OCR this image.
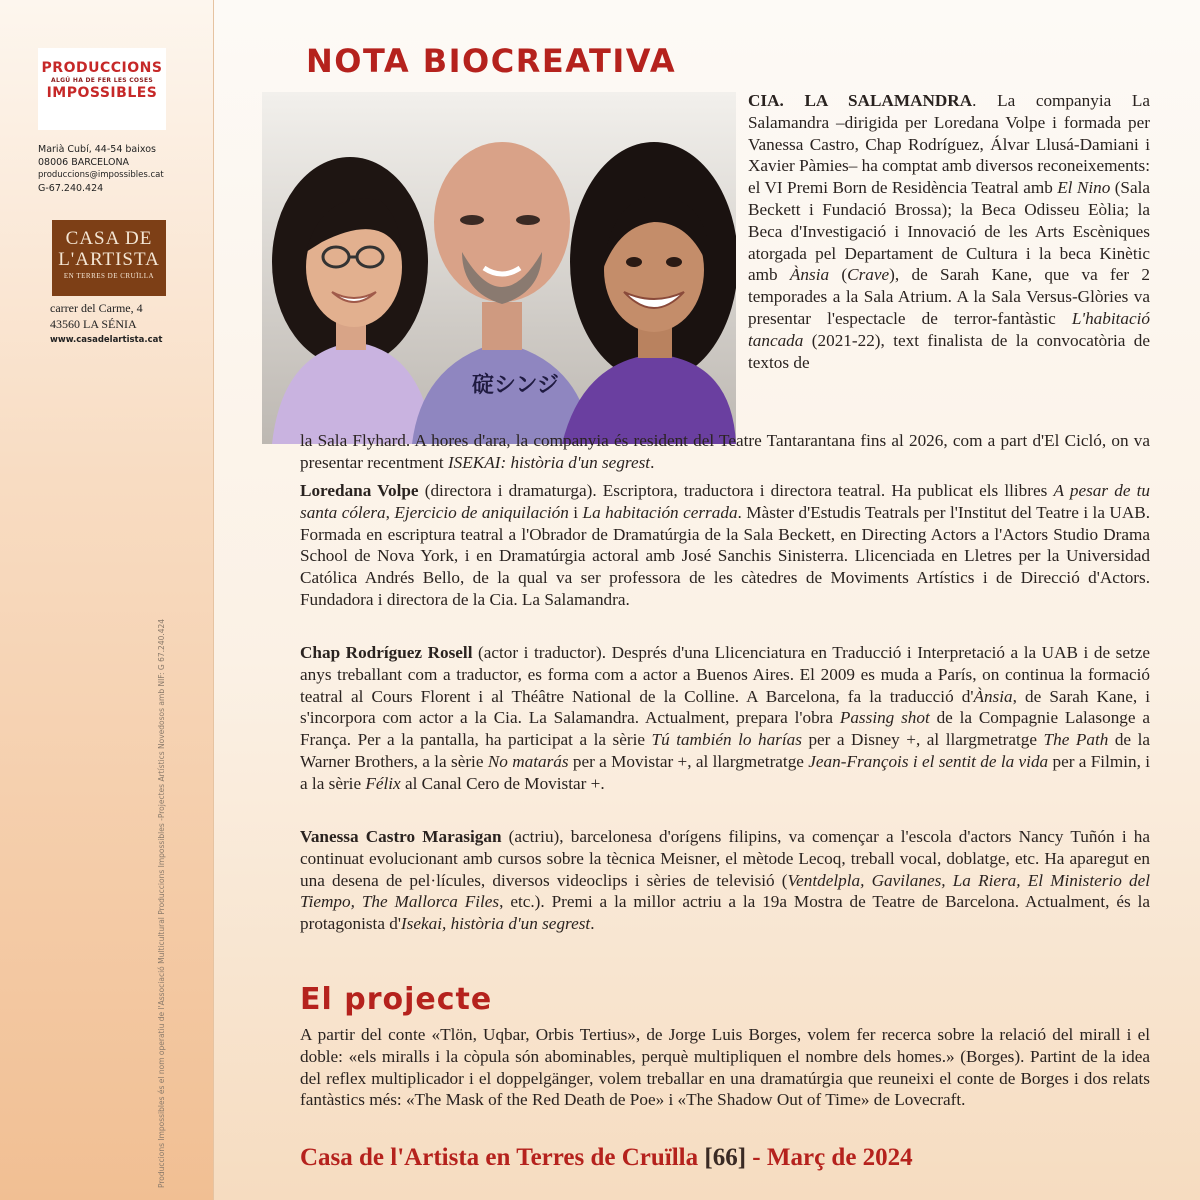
PRODUCCIONS
ALGÚ HA DE FER LES COSES
IMPOSSIBLES
Marià Cubí, 44-54 baixos
08006 BARCELONA
produccions@impossibles.cat
G-67.240.424
CASA DE
L'ARTISTA
EN TERRES DE CRUÏLLA
carrer del Carme, 4
43560 LA SÉNIA
www.casadelartista.cat
Produccions Impossibles és el nom operatiu de l'Associació Multicultural Produccions Impossibles -Projectes Artístics Novedosos amb NIF: G 67.240.424
NOTA BIOCREATIVA
碇シンジ
CIA. LA SALAMANDRA. La companyia La Salamandra –dirigida per Loredana Volpe i formada per Vanessa Castro, Chap Rodríguez, Álvar Llusá-Damiani i Xavier Pàmies– ha comptat amb diversos reconeixements: el VI Premi Born de Residència Teatral amb El Nino (Sala Beckett i Fundació Brossa); la Beca Odisseu Eòlia; la Beca d'Investigació i Innovació de les Arts Escèniques atorgada pel Departament de Cultura i la beca Kinètic amb Ànsia (Crave), de Sarah Kane, que va fer 2 temporades a la Sala Atrium. A la Sala Versus-Glòries va presentar l'espectacle de terror-fantàstic L'habitació tancada (2021-22), text finalista de la convocatòria de textos de
la Sala Flyhard. A hores d'ara, la companyia és resident del Teatre Tantarantana fins al 2026, com a part d'El Cicló, on va presentar recentment ISEKAI: història d'un segrest.
Loredana Volpe (directora i dramaturga). Escriptora, traductora i directora teatral. Ha publicat els llibres A pesar de tu santa cólera, Ejercicio de aniquilación i La habitación cerrada. Màster d'Estudis Teatrals per l'Institut del Teatre i la UAB. Formada en escriptura teatral a l'Obrador de Dramatúrgia de la Sala Beckett, en Directing Actors a l'Actors Studio Drama School de Nova York, i en Dramatúrgia actoral amb José Sanchis Sinisterra. Llicenciada en Lletres per la Universidad Católica Andrés Bello, de la qual va ser professora de les càtedres de Moviments Artístics i de Direcció d'Actors. Fundadora i directora de la Cia. La Salamandra.
Chap Rodríguez Rosell (actor i traductor). Després d'una Llicenciatura en Traducció i Interpretació a la UAB i de setze anys treballant com a traductor, es forma com a actor a Buenos Aires. El 2009 es muda a París, on continua la formació teatral al Cours Florent i al Théâtre National de la Colline. A Barcelona, fa la traducció d'Ànsia, de Sarah Kane, i s'incorpora com actor a la Cia. La Salamandra. Actualment, prepara l'obra Passing shot de la Compagnie Lalasonge a França. Per a la pantalla, ha participat a la sèrie Tú también lo harías per a Disney +, al llargmetratge The Path de la Warner Brothers, a la sèrie No matarás per a Movistar +, al llargmetratge Jean-François i el sentit de la vida per a Filmin, i a la sèrie Félix al Canal Cero de Movistar +.
Vanessa Castro Marasigan (actriu), barcelonesa d'orígens filipins, va començar a l'escola d'actors Nancy Tuñón i ha continuat evolucionant amb cursos sobre la tècnica Meisner, el mètode Lecoq, treball vocal, doblatge, etc. Ha aparegut en una desena de pel·lícules, diversos videoclips i sèries de televisió (Ventdelpla, Gavilanes, La Riera, El Ministerio del Tiempo, The Mallorca Files, etc.). Premi a la millor actriu a la 19a Mostra de Teatre de Barcelona. Actualment, és la protagonista d'Isekai, història d'un segrest.
El projecte
A partir del conte «Tlön, Uqbar, Orbis Tertius», de Jorge Luis Borges, volem fer recerca sobre la relació del mirall i el doble: «els miralls i la còpula són abominables, perquè multipliquen el nombre dels homes.» (Borges). Partint de la idea del reflex multiplicador i el doppelgänger, volem treballar en una dramatúrgia que reuneixi el conte de Borges i dos relats fantàstics més: «The Mask of the Red Death de Poe» i «The Shadow Out of Time» de Lovecraft.
Casa de l'Artista en Terres de Cruïlla [66] - Març de 2024
